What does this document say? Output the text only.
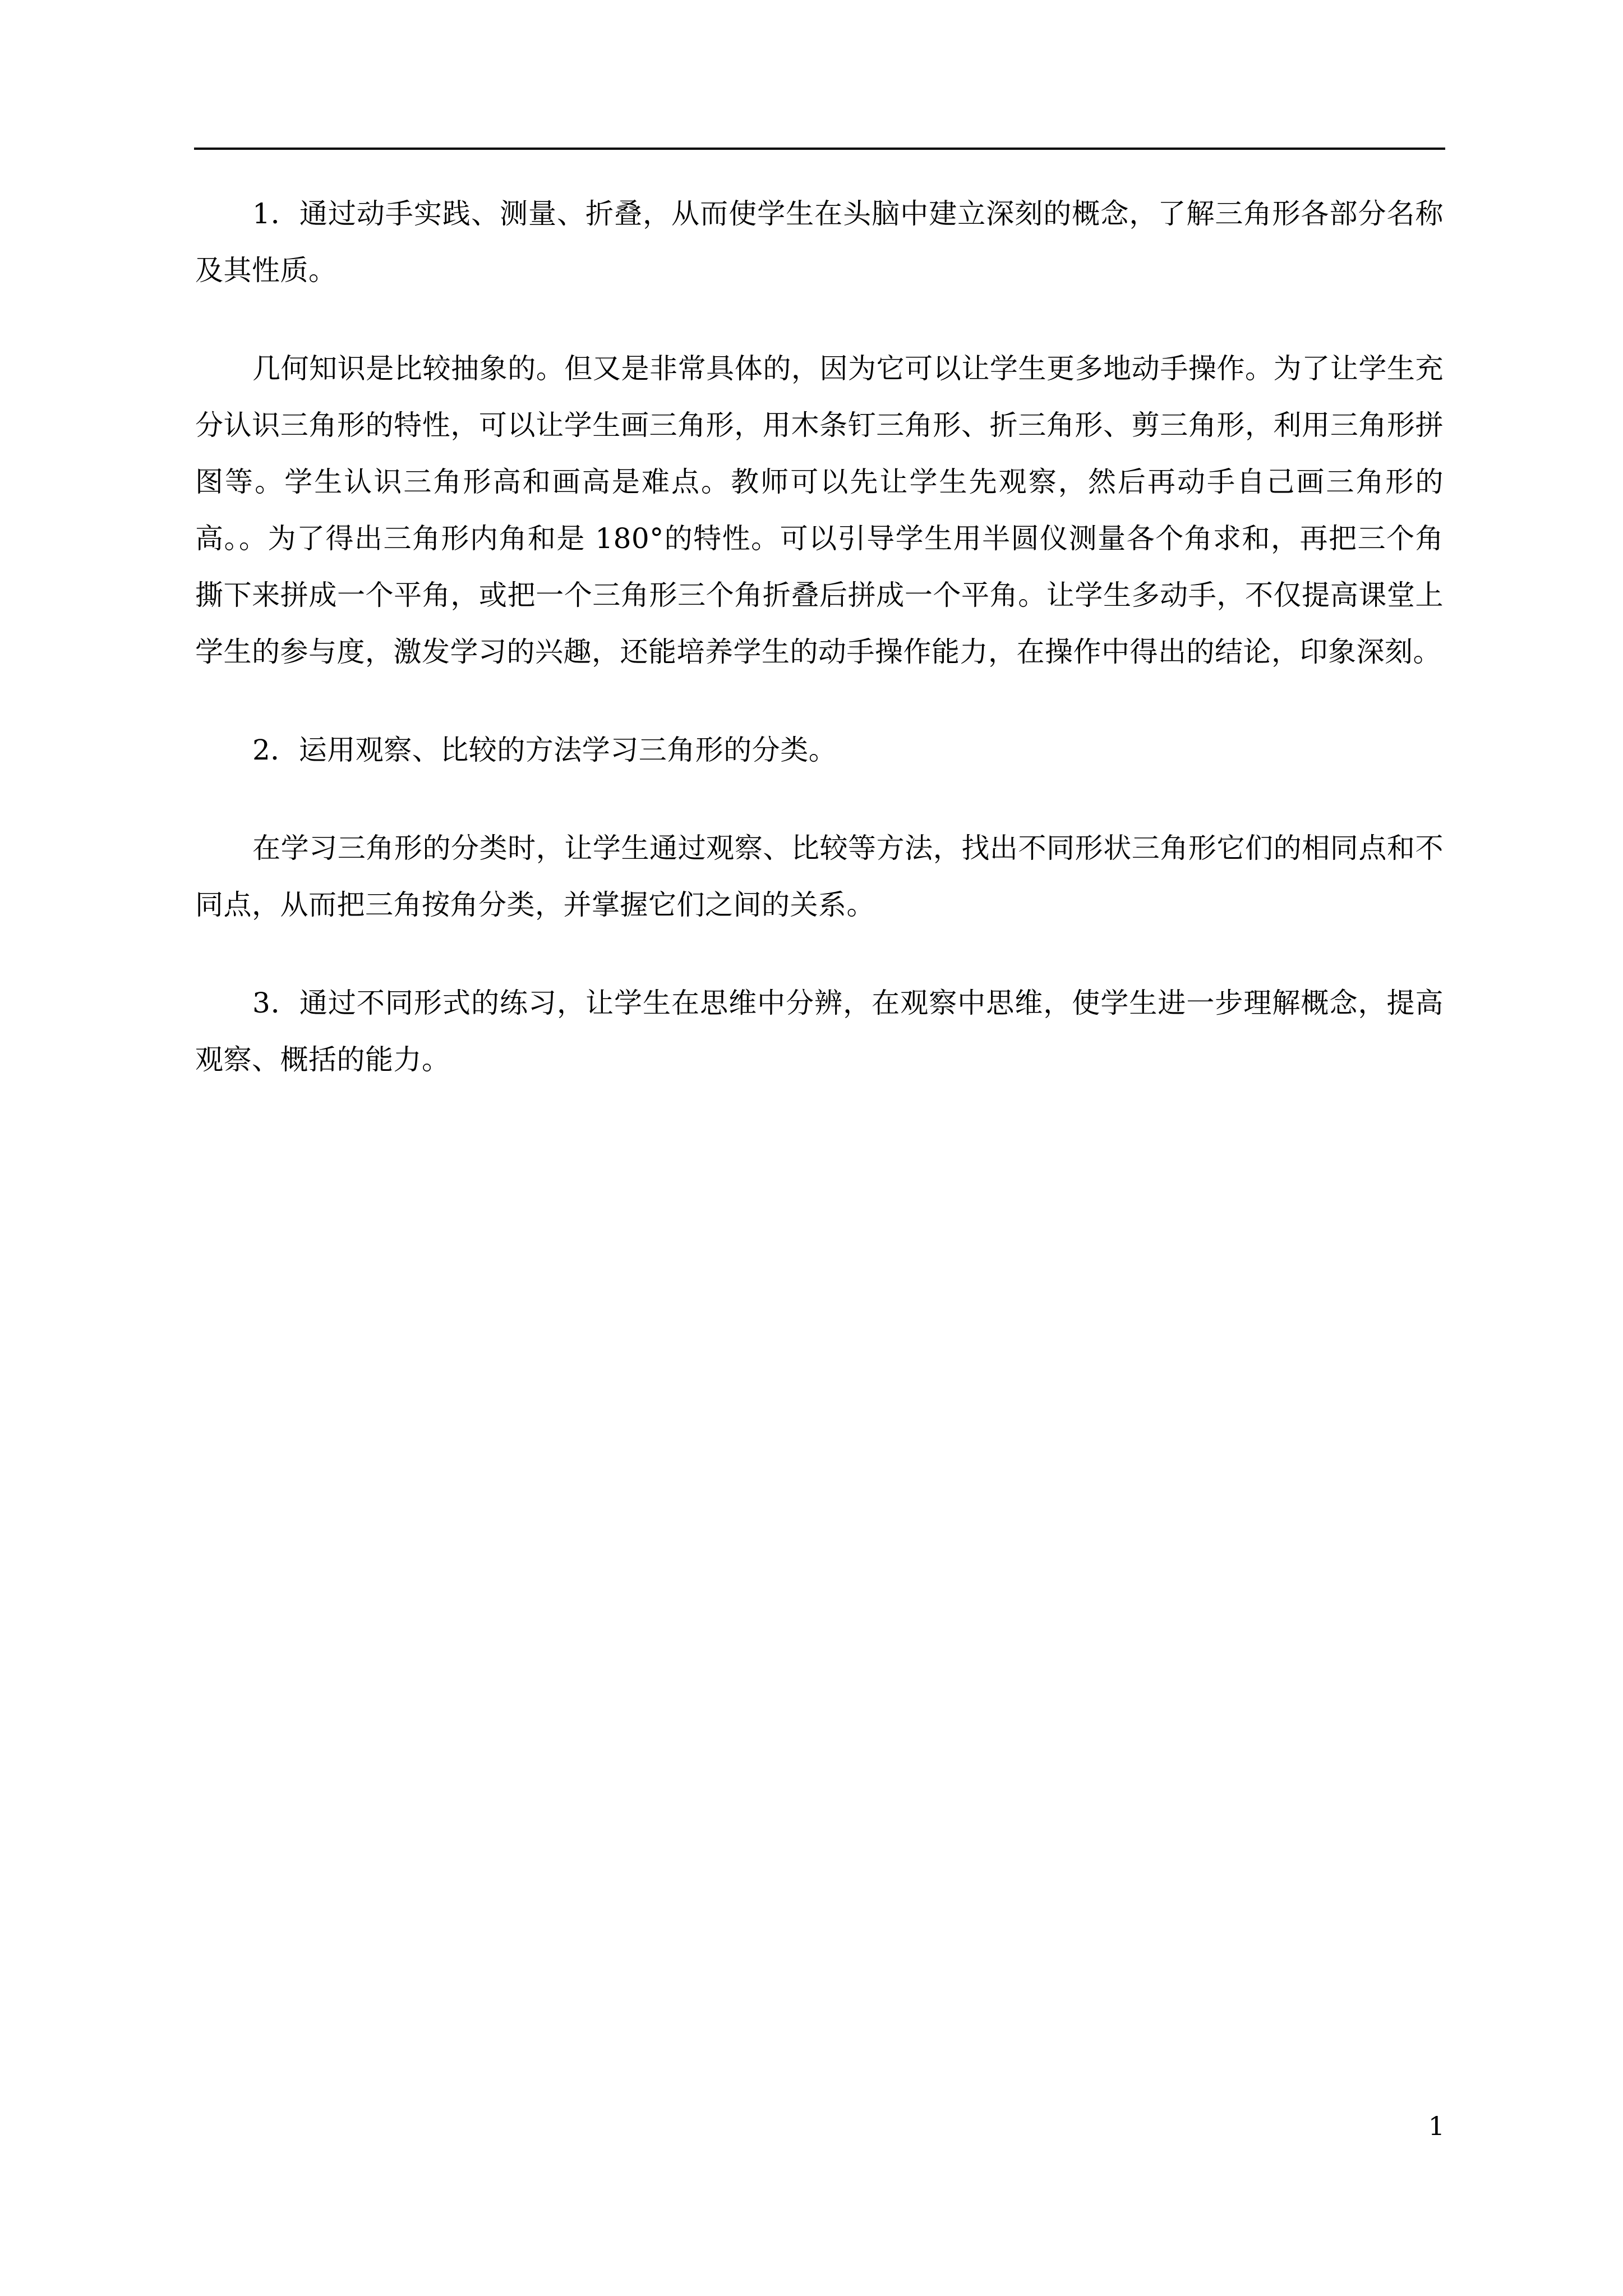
1．通过动手实践、测量、折叠，从而使学生在头脑中建立深刻的概念，了解三角形各部分名称及其性质。

几何知识是比较抽象的。但又是非常具体的，因为它可以让学生更多地动手操作。为了让学生充分认识三角形的特性，可以让学生画三角形，用木条钉三角形、折三角形、剪三角形，利用三角形拼图等。学生认识三角形高和画高是难点。教师可以先让学生先观察，然后再动手自己画三角形的高。。为了得出三角形内角和是 180°的特性。可以引导学生用半圆仪测量各个角求和，再把三个角撕下来拼成一个平角，或把一个三角形三个角折叠后拼成一个平角。让学生多动手，不仅提高课堂上学生的参与度，激发学习的兴趣，还能培养学生的动手操作能力，在操作中得出的结论，印象深刻。

2．运用观察、比较的方法学习三角形的分类。

在学习三角形的分类时，让学生通过观察、比较等方法，找出不同形状三角形它们的相同点和不同点，从而把三角按角分类，并掌握它们之间的关系。

3．通过不同形式的练习，让学生在思维中分辨，在观察中思维，使学生进一步理解概念，提高观察、概括的能力。

1
